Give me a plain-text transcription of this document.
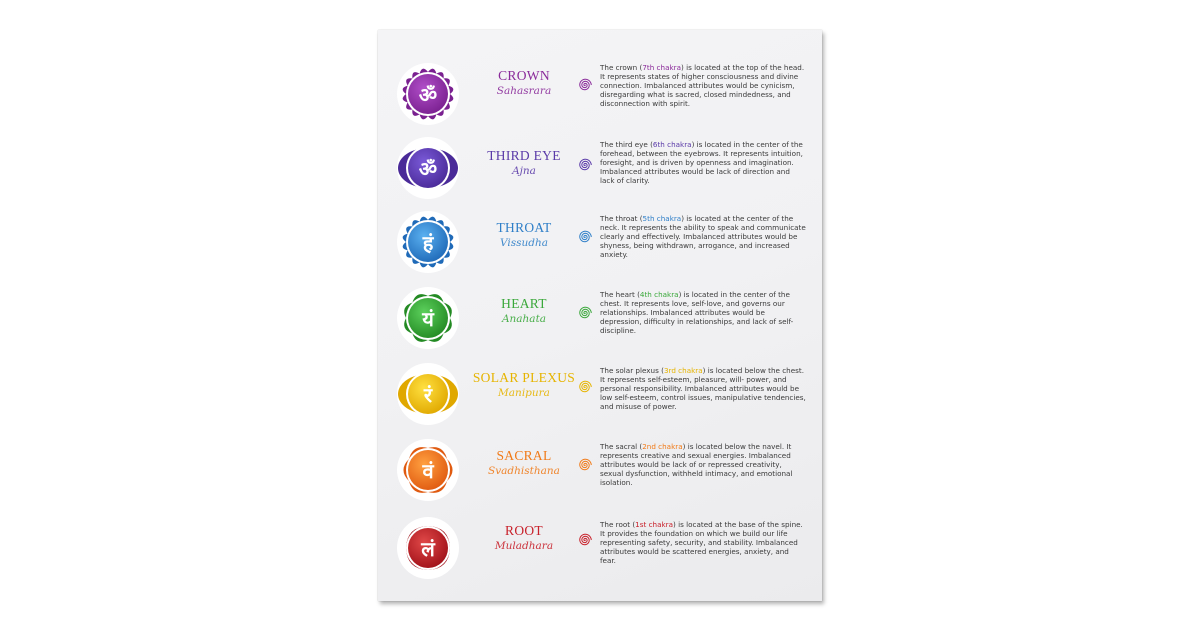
ॐ
CROWN
Sahasrara
The crown (7th chakra) is located at the top of the head. It represents states of higher consciousness and divine connection. Imbalanced attributes would be cynicism, disregarding what is sacred, closed mindedness, and disconnection with spirit.
ॐ
THIRD EYE
Ajna
The third eye (6th chakra) is located in the center of the forehead, between the eyebrows. It represents intuition, foresight, and is driven by openness and imagination. Imbalanced attributes would be lack of direction and lack of clarity.
हं
THROAT
Vissudha
The throat (5th chakra) is located at the center of the neck. It represents the ability to speak and communicate clearly and effectively. Imbalanced attributes would be shyness, being withdrawn, arrogance, and increased anxiety.
यं
HEART
Anahata
The heart (4th chakra) is located in the center of the chest. It represents love, self-love, and governs our relationships. Imbalanced attributes would be depression, difficulty in relationships, and lack of self-discipline.
रं
SOLAR PLEXUS
Manipura
The solar plexus (3rd chakra) is located below the chest. It represents self-esteem, pleasure, will- power, and personal responsibility. Imbalanced attributes would be low self-esteem, control issues, manipulative tendencies, and misuse of power.
वं
SACRAL
Svadhisthana
The sacral (2nd chakra) is located below the navel. It represents creative and sexual energies. Imbalanced attributes would be lack of or repressed creativity, sexual dysfunction, withheld intimacy, and emotional isolation.
लं
ROOT
Muladhara
The root (1st chakra) is located at the base of the spine. It provides the foundation on which we build our life representing safety, security, and stability. Imbalanced attributes would be scattered energies, anxiety, and fear.
